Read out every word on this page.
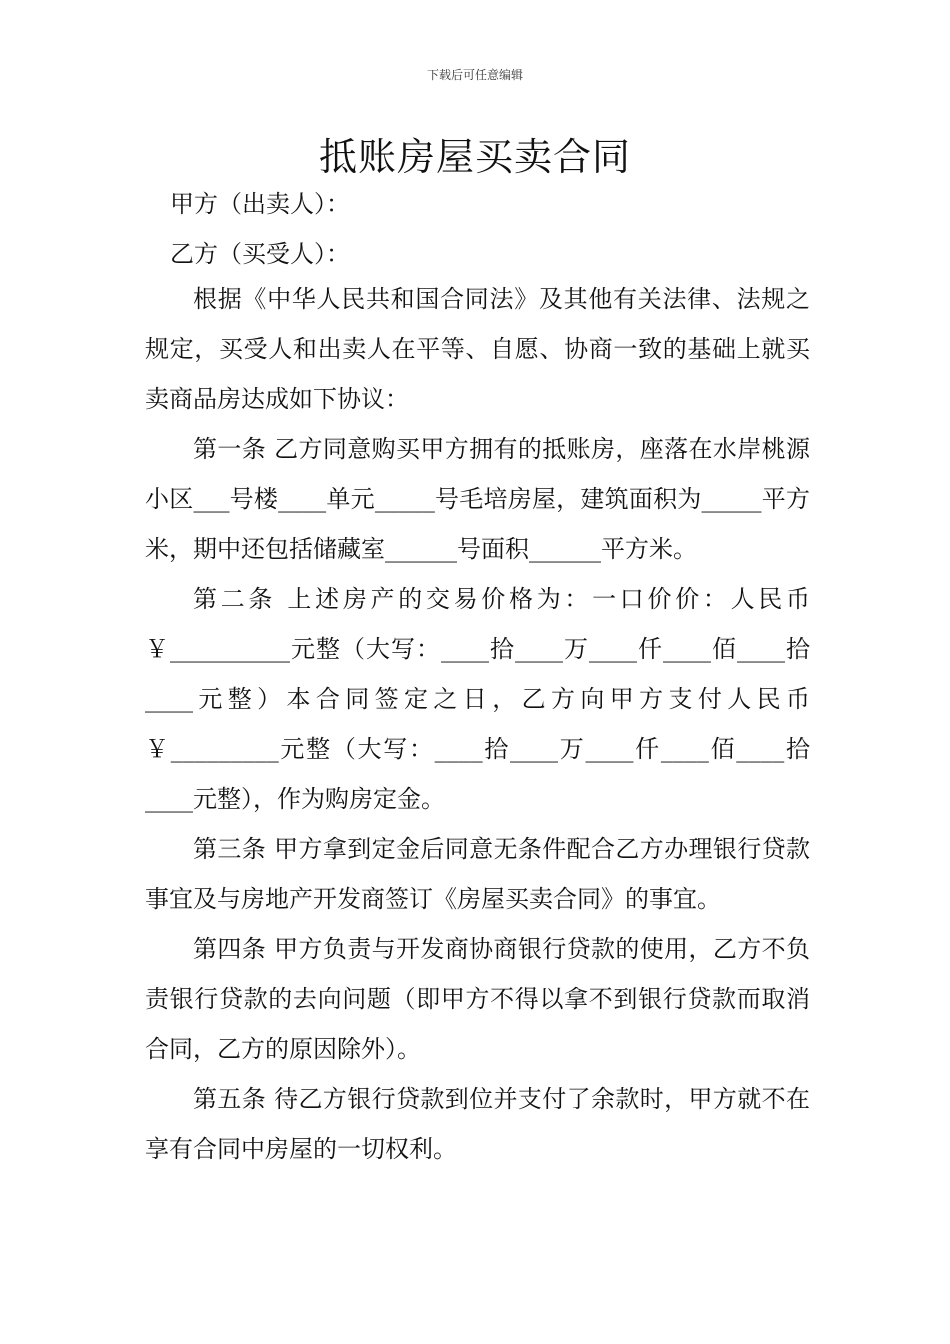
下载后可任意编辑
抵账房屋买卖合同
甲方（出卖人）：
乙方（买受人）：

根据《中华人民共和国合同法》及其他有关法律、法规之规定，买受人和出卖人在平等、自愿、协商一致的基础上就买卖商品房达成如下协议：

第一条 乙方同意购买甲方拥有的抵账房，座落在水岸桃源小区___号楼____单元_____号毛培房屋，建筑面积为_____平方米，期中还包括储藏室______号面积______平方米。

第二条 上述房产的交易价格为：一口价价：人民币￥__________元整（大写：____拾____万____仟____佰____拾____元整）本合同签定之日，乙方向甲方支付人民币￥_________元整（大写：____拾____万____仟____佰____拾____元整），作为购房定金。

第三条 甲方拿到定金后同意无条件配合乙方办理银行贷款事宜及与房地产开发商签订《房屋买卖合同》的事宜。

第四条 甲方负责与开发商协商银行贷款的使用，乙方不负责银行贷款的去向问题（即甲方不得以拿不到银行贷款而取消合同，乙方的原因除外）。

第五条 待乙方银行贷款到位并支付了余款时，甲方就不在享有合同中房屋的一切权利。
